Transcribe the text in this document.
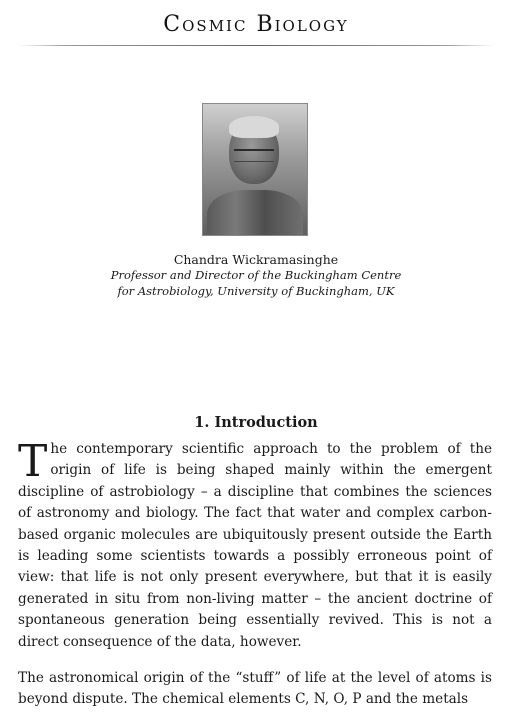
Cosmic Biology
Chandra Wickramasinghe
Professor and Director of the Buckingham Centre
for Astrobiology, University of Buckingham, UK
1. Introduction

The contemporary scientific approach to the problem of the origin of life is being shaped mainly within the emergent discipline of astrobiology – a discipline that combines the sciences of astronomy and biology. The fact that water and complex carbon-based organic molecules are ubiquitously present outside the Earth is leading some scientists towards a possibly erroneous point of view: that life is not only present everywhere, but that it is easily generated in situ from non-living matter – the ancient doctrine of spontaneous generation being essentially revived. This is not a direct consequence of the data, however.

The astronomical origin of the “stuff” of life at the level of atoms is beyond dispute. The chemical elements C, N, O, P and the metals
